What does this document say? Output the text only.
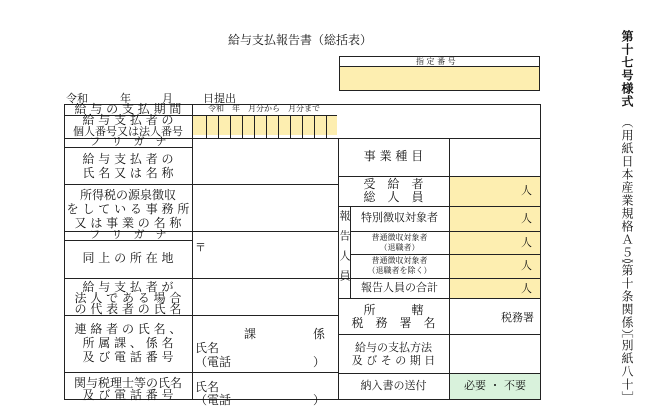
給与支払報告書（総括表）	第十七号様式
（用紙日本産業規格Ａ５）
（第十条関係）
［別紙八十］
指 定 番 号
令和	年	月	日提出
給 与 の 支 払 期 間	令和　年　月分から　月分まで
給 与 支 払 者 の
個人番号又は法人番号
フ　リ　ガ　ナ
給 与 支 払 者 の
氏 名 又 は 名 称
所得税の源泉徴収
を し て い る 事 務 所
又 は 事 業 の 名 称
フ　リ　ガ　ナ
同 上 の 所 在 地
〒
給 与 支 払 者 が
法 人 で あ る 場 合
の 代 表 者 の 氏 名
連 絡 者 の 氏 名 、
所 属 課 、 係 名
及 び 電 話 番 号
課	係
氏名
（電話	）
関与税理士等の氏名
及 び 電 話 番 号
氏名
（電話	）
事 業 種 目
受　給　者
総　人　員	人
報告人員 特別徴収対象者	人
普通徴収対象者
（退職者）	人
普通徴収対象者
（退職者を除く）	人
報告人員の合計	人
所　　　轄
税　務　署　名	税務署
給与の支払方法
及 び そ の 期 日
納入書の送付	必要 ・ 不要
